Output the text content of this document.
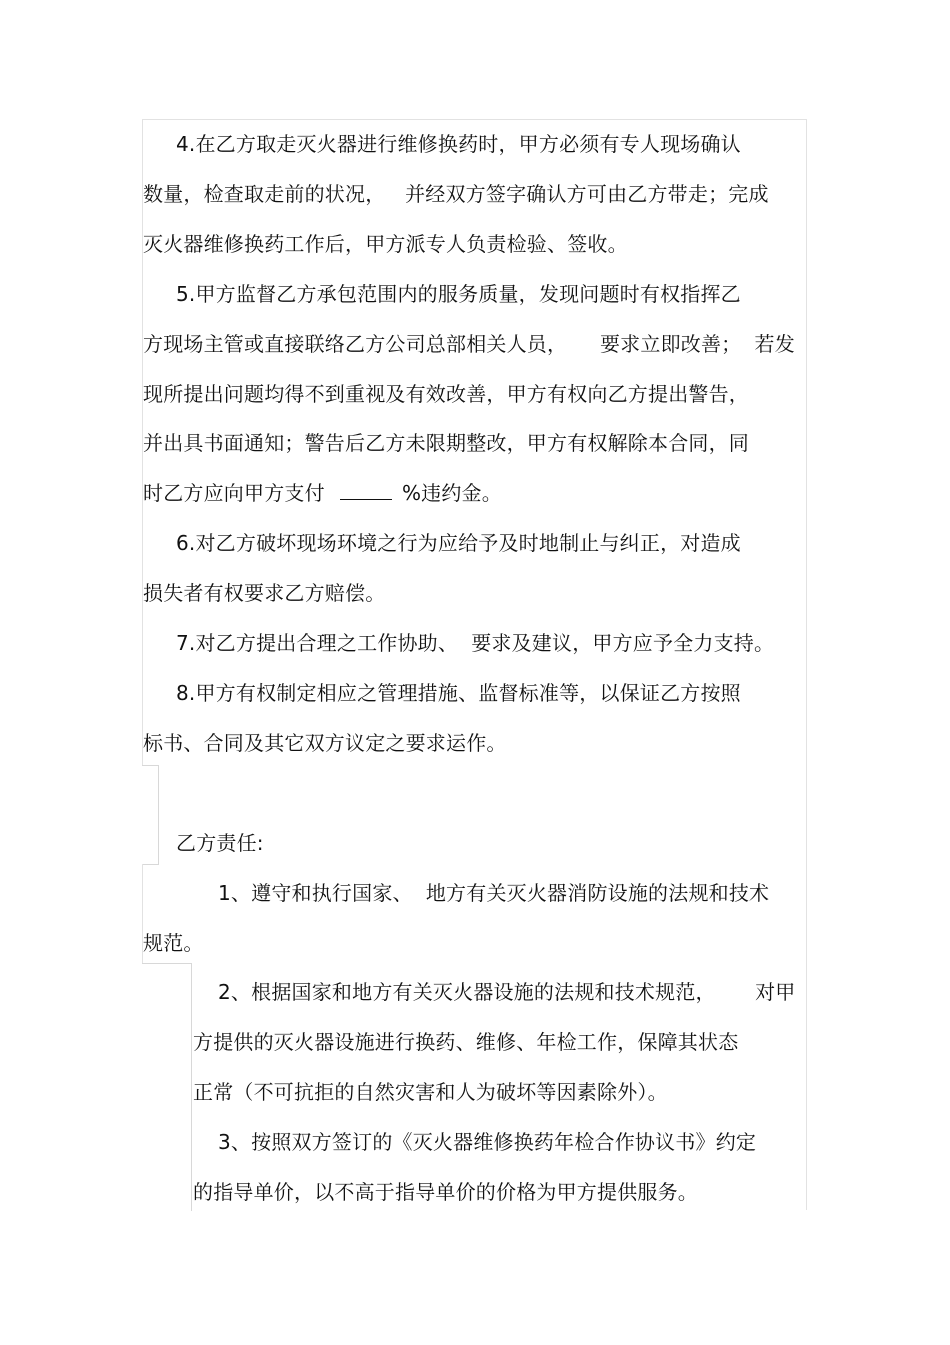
4.在乙方取走灭火器进行维修换药时，甲方必须有专人现场确认
数量，检查取走前的状况，   并经双方签字确认方可由乙方带走；完成
灭火器维修换药工作后，甲方派专人负责检验、签收。
5.甲方监督乙方承包范围内的服务质量，发现问题时有权指挥乙
方现场主管或直接联络乙方公司总部相关人员，     要求立即改善；  若发
现所提出问题均得不到重视及有效改善，甲方有权向乙方提出警告，
并出具书面通知；警告后乙方未限期整改，甲方有权解除本合同，同
时乙方应向甲方支付	%违约金。
6.对乙方破坏现场环境之行为应给予及时地制止与纠正，对造成
损失者有权要求乙方赔偿。
7.对乙方提出合理之工作协助、  要求及建议，甲方应予全力支持。
8.甲方有权制定相应之管理措施、监督标准等，以保证乙方按照
标书、合同及其它双方议定之要求运作。
乙方责任:
1、遵守和执行国家、  地方有关灭火器消防设施的法规和技术
规范。
2、根据国家和地方有关灭火器设施的法规和技术规范，      对甲
方提供的灭火器设施进行换药、维修、年检工作，保障其状态
正常（不可抗拒的自然灾害和人为破坏等因素除外）。
3、按照双方签订的《灭火器维修换药年检合作协议书》约定
的指导单价，以不高于指导单价的价格为甲方提供服务。
